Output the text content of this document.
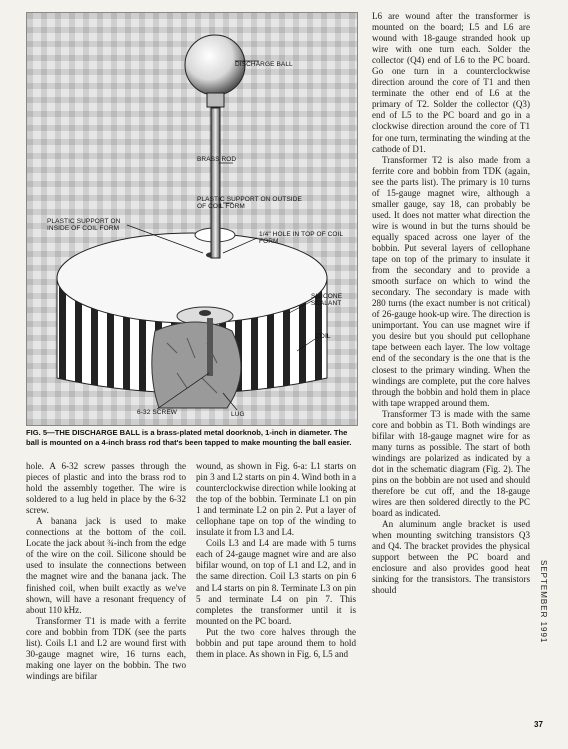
DISCHARGE BALL
BRASS ROD
PLASTIC SUPPORT ON OUTSIDE OF COIL FORM
PLASTIC SUPPORT ON INSIDE OF COIL FORM
1/4" HOLE IN TOP OF COIL FORM
SILICONE SEALANT
COIL
6-32 SCREW	LUG
FIG. 5—THE DISCHARGE BALL is a brass-plated metal doorknob, 1-inch in diameter. The ball is mounted on a 4-inch brass rod that's been tapped to make mounting the ball easier.

hole. A 6-32 screw passes through the pieces of plastic and into the brass rod to hold the assembly together. The wire is soldered to a lug held in place by the 6-32 screw.

A banana jack is used to make connections at the bottom of the coil. Locate the jack about ¾-inch from the edge of the wire on the coil. Silicone should be used to insulate the connections between the magnet wire and the banana jack. The finished coil, when built exactly as we've shown, will have a resonant frequency of about 110 kHz.

Transformer T1 is made with a ferrite core and bobbin from TDK (see the parts list). Coils L1 and L2 are wound first with 30-gauge magnet wire, 16 turns each, making one layer on the bobbin. The two windings are bifilar

wound, as shown in Fig. 6-a: L1 starts on pin 3 and L2 starts on pin 4. Wind both in a counterclockwise direction while looking at the top of the bobbin. Terminate L1 on pin 1 and terminate L2 on pin 2. Put a layer of cellophane tape on top of the winding to insulate it from L3 and L4.

Coils L3 and L4 are made with 5 turns each of 24-gauge magnet wire and are also bifilar wound, on top of L1 and L2, and in the same direction. Coil L3 starts on pin 6 and L4 starts on pin 8. Terminate L3 on pin 5 and terminate L4 on pin 7. This completes the transformer until it is mounted on the PC board.

Put the two core halves through the bobbin and put tape around them to hold them in place. As shown in Fig. 6, L5 and

L6 are wound after the transformer is mounted on the board; L5 and L6 are wound with 18-gauge stranded hook up wire with one turn each. Solder the collector (Q4) end of L6 to the PC board. Go one turn in a counterclockwise direction around the core of T1 and then terminate the other end of L6 at the primary of T2. Solder the collector (Q3) end of L5 to the PC board and go in a clockwise direction around the core of T1 for one turn, terminating the winding at the cathode of D1.

Transformer T2 is also made from a ferrite core and bobbin from TDK (again, see the parts list). The primary is 10 turns of 15-gauge magnet wire, although a smaller gauge, say 18, can probably be used. It does not matter what direction the wire is wound in but the turns should be equally spaced across one layer of the bobbin. Put several layers of cellophane tape on top of the primary to insulate it from the secondary and to provide a smooth surface on which to wind the secondary. The secondary is made with 280 turns (the exact number is not critical) of 26-gauge hook-up wire. The direction is unimportant. You can use magnet wire if you desire but you should put cellophane tape between each layer. The low voltage end of the secondary is the one that is the closest to the primary winding. When the windings are complete, put the core halves through the bobbin and hold them in place with tape wrapped around them.

Transformer T3 is made with the same core and bobbin as T1. Both windings are bifilar with 18-gauge magnet wire for as many turns as possible. The start of both windings are polarized as indicated by a dot in the schematic diagram (Fig. 2). The pins on the bobbin are not used and should therefore be cut off, and the 18-gauge wires are then soldered directly to the PC board as indicated.

An aluminum angle bracket is used when mounting switching transistors Q3 and Q4. The bracket provides the physical support between the PC board and enclosure and also provides good heat sinking for the transistors. The transistors should	SEPTEMBER 1991
37
